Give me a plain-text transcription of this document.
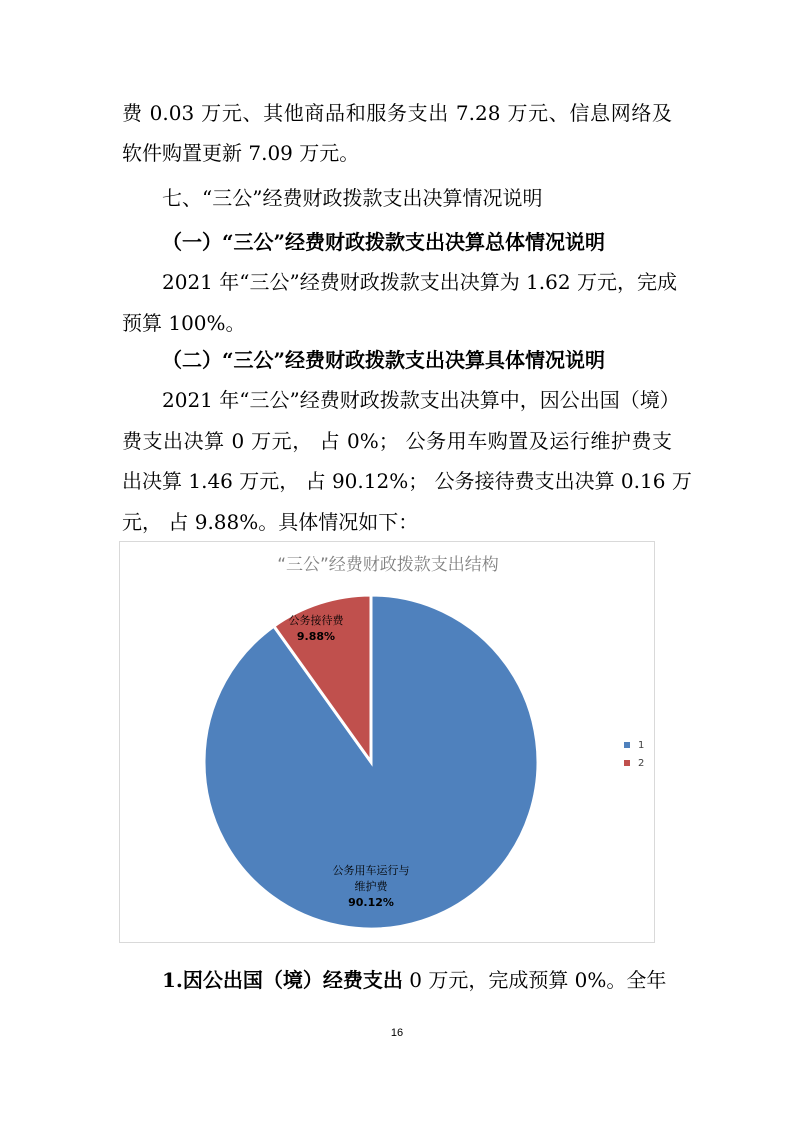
费 0.03 万元、其他商品和服务支出 7.28 万元、信息网络及
软件购置更新 7.09 万元。
七、“三公”经费财政拨款支出决算情况说明
（一）“三公”经费财政拨款支出决算总体情况说明
2021 年“三公”经费财政拨款支出决算为 1.62 万元，完成
预算 100%。
（二）“三公”经费财政拨款支出决算具体情况说明
2021 年“三公”经费财政拨款支出决算中，因公出国（境）
费支出决算 0 万元， 占 0%； 公务用车购置及运行维护费支
出决算 1.46 万元， 占 90.12%； 公务接待费支出决算 0.16 万
元， 占 9.88%。具体情况如下：
“三公”经费财政拨款支出结构
公务用车运行与
维护费
90.12%
公务接待费
9.88%
1
2
1.因公出国（境）经费支出 0 万元，完成预算 0%。全年
16
